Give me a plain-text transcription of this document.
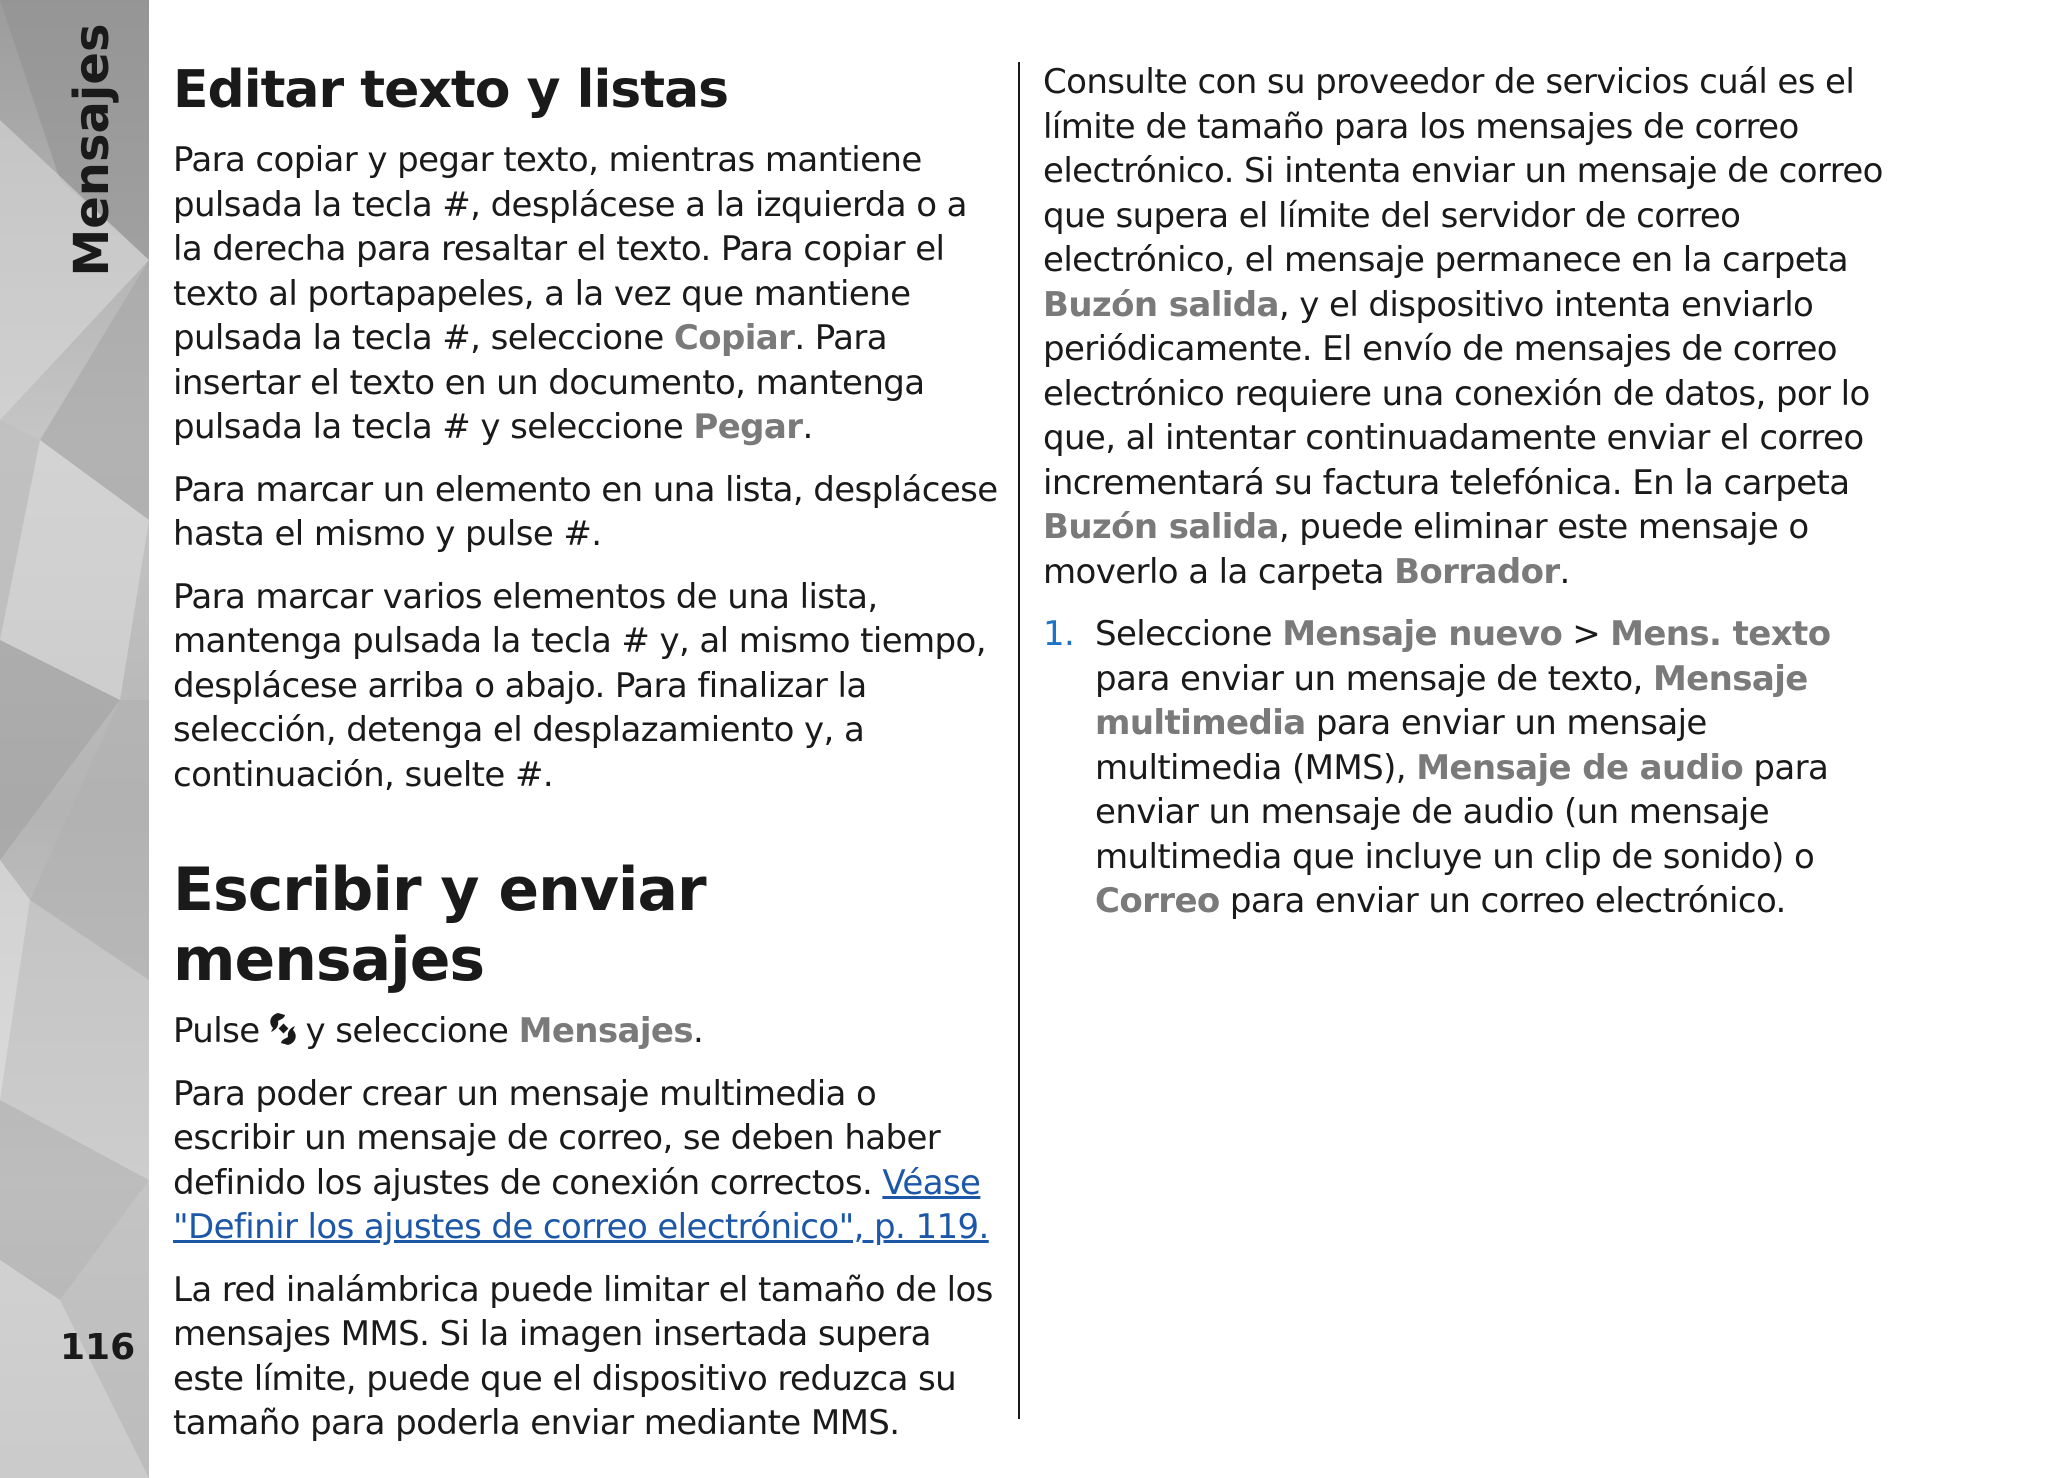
Mensajes
116
Editar texto y listas

Para copiar y pegar texto, mientras mantiene pulsada la tecla #, desplácese a la izquierda o a la derecha para resaltar el texto. Para copiar el texto al portapapeles, a la vez que mantiene pulsada la tecla #, seleccione Copiar. Para insertar el texto en un documento, mantenga pulsada la tecla # y seleccione Pegar.

Para marcar un elemento en una lista, desplácese hasta el mismo y pulse #.

Para marcar varios elementos de una lista, mantenga pulsada la tecla # y, al mismo tiempo, desplácese arriba o abajo. Para finalizar la selección, detenga el desplazamiento y, a continuación, suelte #.

Escribir y enviar mensajes

Pulse y seleccione Mensajes.

Para poder crear un mensaje multimedia o escribir un mensaje de correo, se deben haber definido los ajustes de conexión correctos. Véase "Definir los ajustes de correo electrónico", p. 119.

La red inalámbrica puede limitar el tamaño de los mensajes MMS. Si la imagen insertada supera este límite, puede que el dispositivo reduzca su tamaño para poderla enviar mediante MMS.

Consulte con su proveedor de servicios cuál es el límite de tamaño para los mensajes de correo electrónico. Si intenta enviar un mensaje de correo que supera el límite del servidor de correo electrónico, el mensaje permanece en la carpeta Buzón salida, y el dispositivo intenta enviarlo periódicamente. El envío de mensajes de correo electrónico requiere una conexión de datos, por lo que, al intentar continuadamente enviar el correo incrementará su factura telefónica. En la carpeta Buzón salida, puede eliminar este mensaje o moverlo a la carpeta Borrador.

1. Seleccione Mensaje nuevo > Mens. texto para enviar un mensaje de texto, Mensaje multimedia para enviar un mensaje multimedia (MMS), Mensaje de audio para enviar un mensaje de audio (un mensaje multimedia que incluye un clip de sonido) o Correo para enviar un correo electrónico.
